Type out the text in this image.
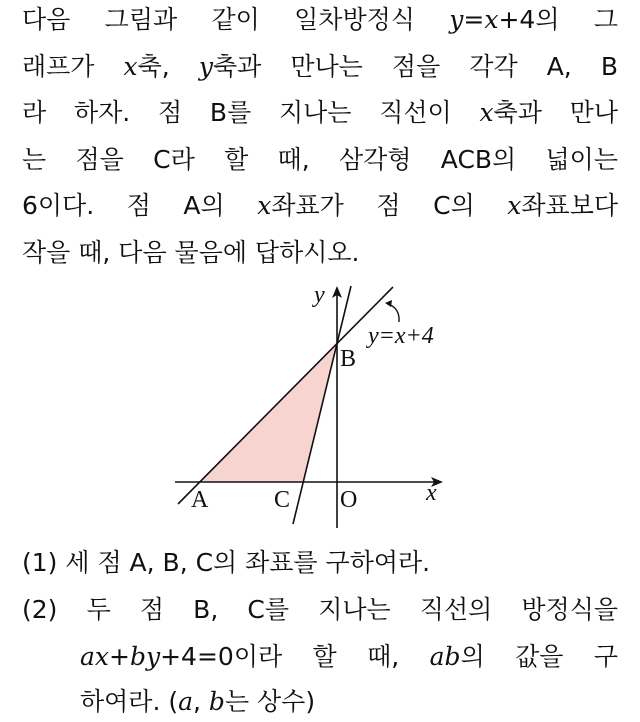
다음 그림과 같이 일차방정식 y=x+4의 그
래프가 x축, y축과 만나는 점을 각각 A, B
라 하자. 점 B를 지나는 직선이 x축과 만나
는 점을 C라 할 때, 삼각형 ACB의 넓이는
6이다. 점 A의 x좌표가 점 C의 x좌표보다
작을 때, 다음 물음에 답하시오.
y
x
B
A	C O
y=x+4
(1) 세 점 A, B, C의 좌표를 구하여라.
(2) 두 점 B, C를 지나는 직선의 방정식을
ax+by+4=0이라 할 때, ab의 값을 구
하여라. (a, b는 상수)
